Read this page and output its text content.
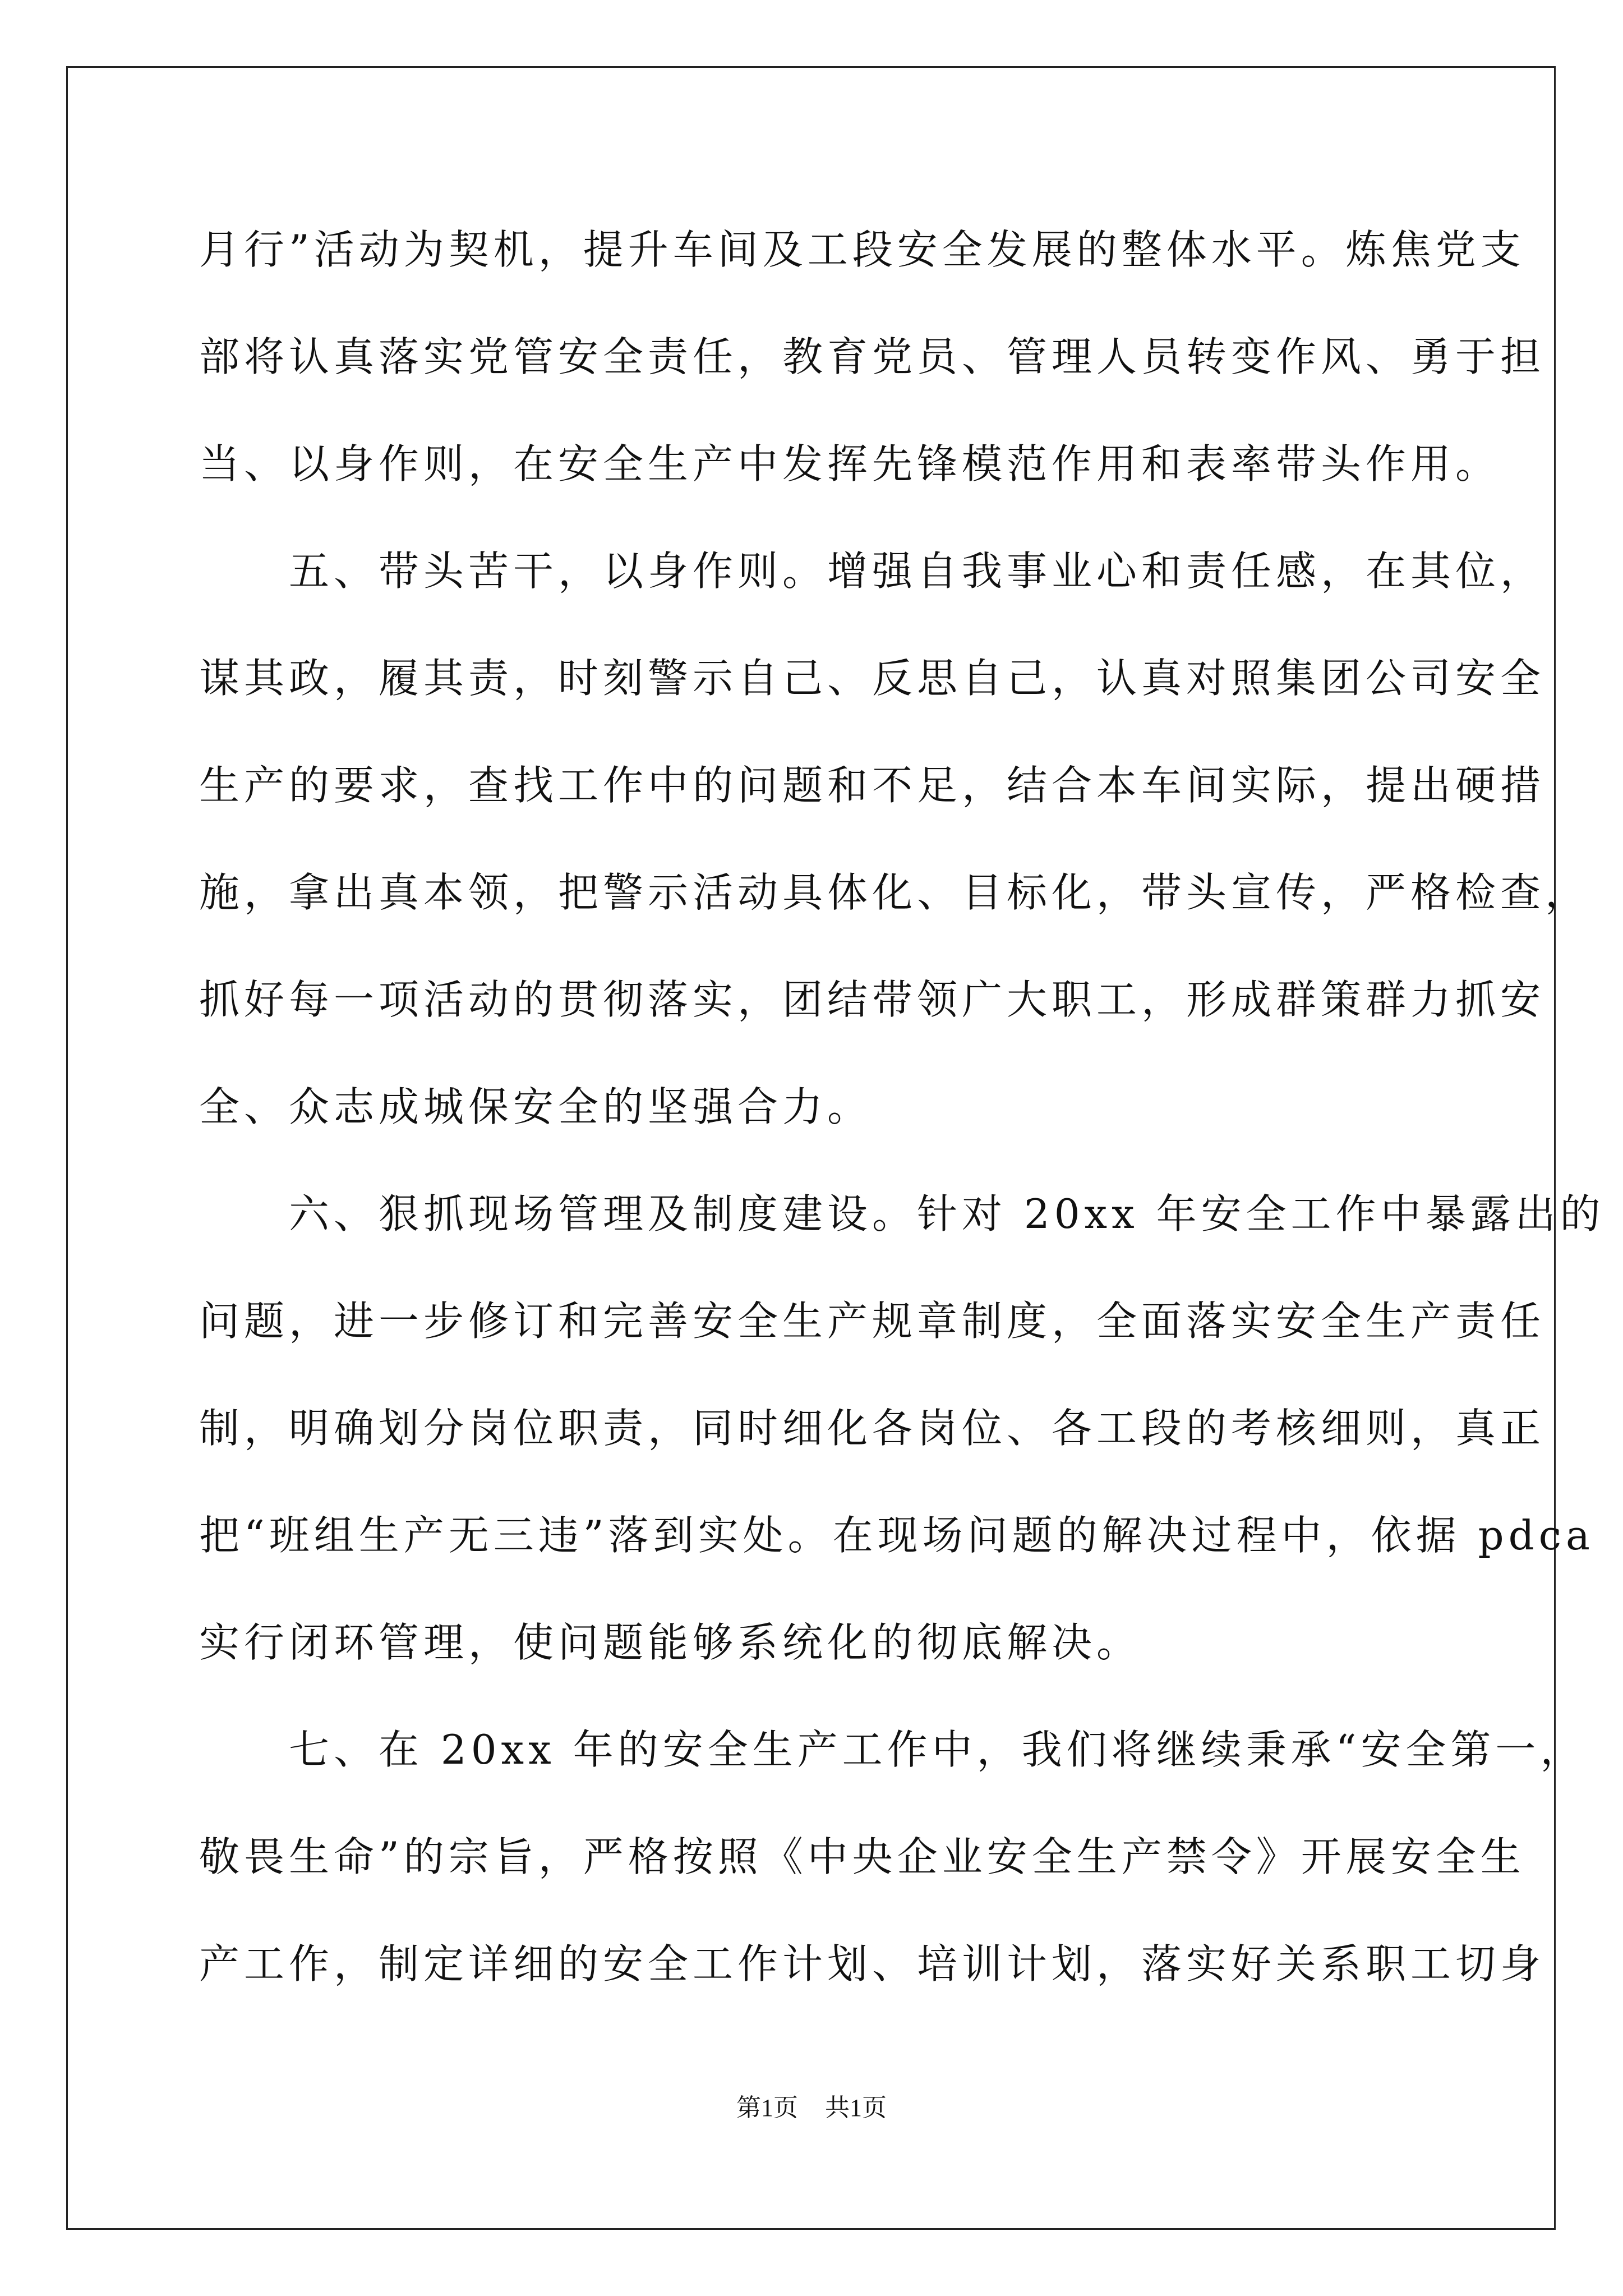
月行”活动为契机，提升车间及工段安全发展的整体水平。炼焦党支
部将认真落实党管安全责任，教育党员、管理人员转变作风、勇于担
当、以身作则，在安全生产中发挥先锋模范作用和表率带头作用。
　　五、带头苦干，以身作则。增强自我事业心和责任感，在其位，
谋其政，履其责，时刻警示自己、反思自己，认真对照集团公司安全
生产的要求，查找工作中的问题和不足，结合本车间实际，提出硬措
施，拿出真本领，把警示活动具体化、目标化，带头宣传，严格检查，
抓好每一项活动的贯彻落实，团结带领广大职工，形成群策群力抓安
全、众志成城保安全的坚强合力。
　　六、狠抓现场管理及制度建设。针对 20xx 年安全工作中暴露出的
问题，进一步修订和完善安全生产规章制度，全面落实安全生产责任
制，明确划分岗位职责，同时细化各岗位、各工段的考核细则，真正
把“班组生产无三违”落到实处。在现场问题的解决过程中，依据 pdca
实行闭环管理，使问题能够系统化的彻底解决。
　　七、在 20xx 年的安全生产工作中，我们将继续秉承“安全第一，
敬畏生命”的宗旨，严格按照《中央企业安全生产禁令》开展安全生
产工作，制定详细的安全工作计划、培训计划，落实好关系职工切身
第1页 共1页
